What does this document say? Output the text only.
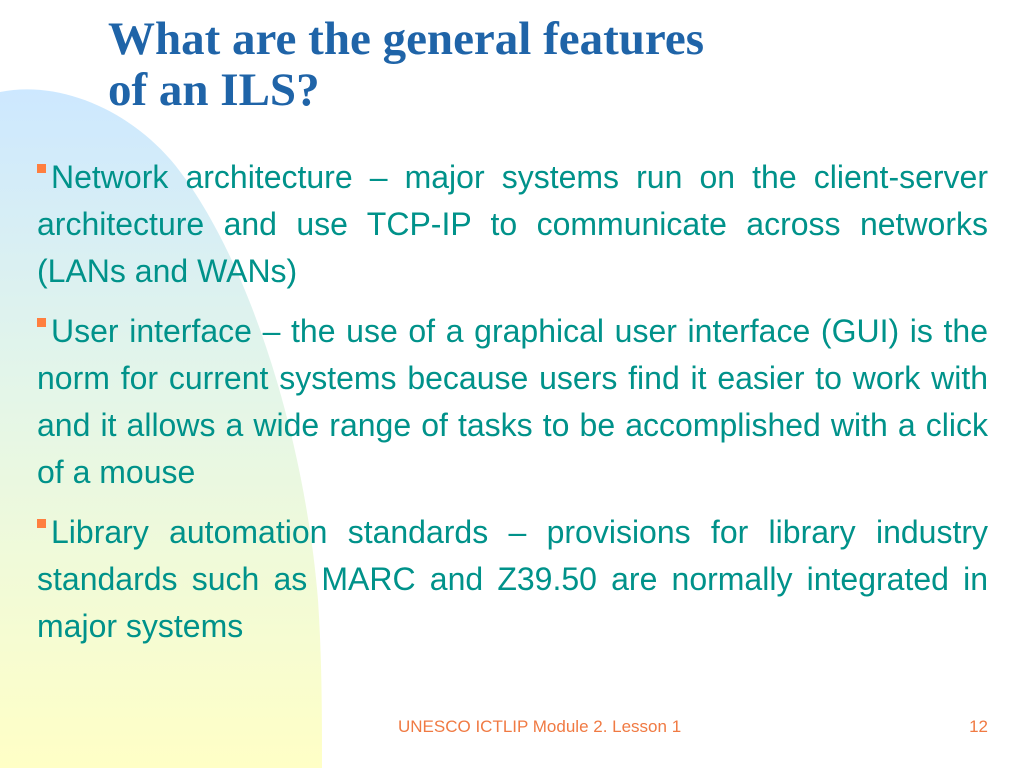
What are the general features
of an ILS?
Network architecture – major systems run on the client-server architecture and use TCP-IP to communicate across networks (LANs and WANs)
User interface – the use of a graphical user interface (GUI) is the norm for current systems because users find it easier to work with and it allows a wide range of tasks to be accomplished with a click of a mouse
Library automation standards – provisions for library industry standards such as MARC and Z39.50 are normally integrated in major systems
UNESCO ICTLIP Module 2. Lesson 1	12
